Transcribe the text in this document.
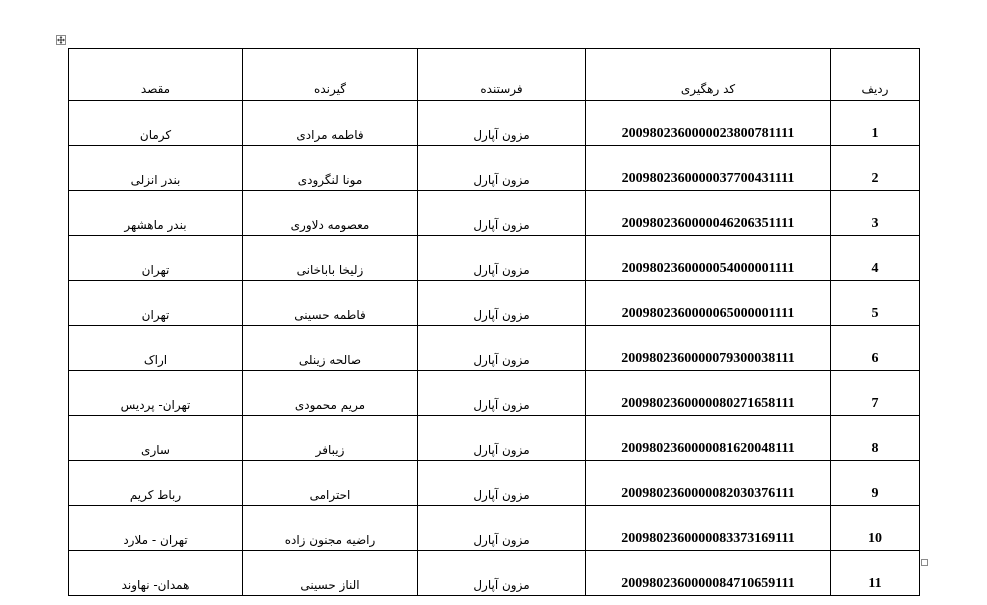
ردیف	کد رهگیری	فرستنده	گیرنده	مقصد
1	2009802360000023800781111	مزون آپارل	فاطمه مرادی	کرمان
2	2009802360000037700431111	مزون آپارل	مونا لنگرودی	بندر انزلی
3	2009802360000046206351111	مزون آپارل	معصومه دلاوری	بندر ماهشهر
4	2009802360000054000001111	مزون آپارل	زلیخا باباخانی	تهران
5	2009802360000065000001111	مزون آپارل	فاطمه حسینی	تهران
6	2009802360000079300038111	مزون آپارل	صالحه زینلی	اراک
7	2009802360000080271658111	مزون آپارل	مریم محمودی	تهران- پردیس
8	2009802360000081620048111	مزون آپارل	زیبافر	ساری
9	2009802360000082030376111	مزون آپارل	احترامی	رباط کریم
10	2009802360000083373169111	مزون آپارل	راضیه مجنون زاده	تهران - ملارد
11	2009802360000084710659111	مزون آپارل	الناز حسینی	همدان- نهاوند
